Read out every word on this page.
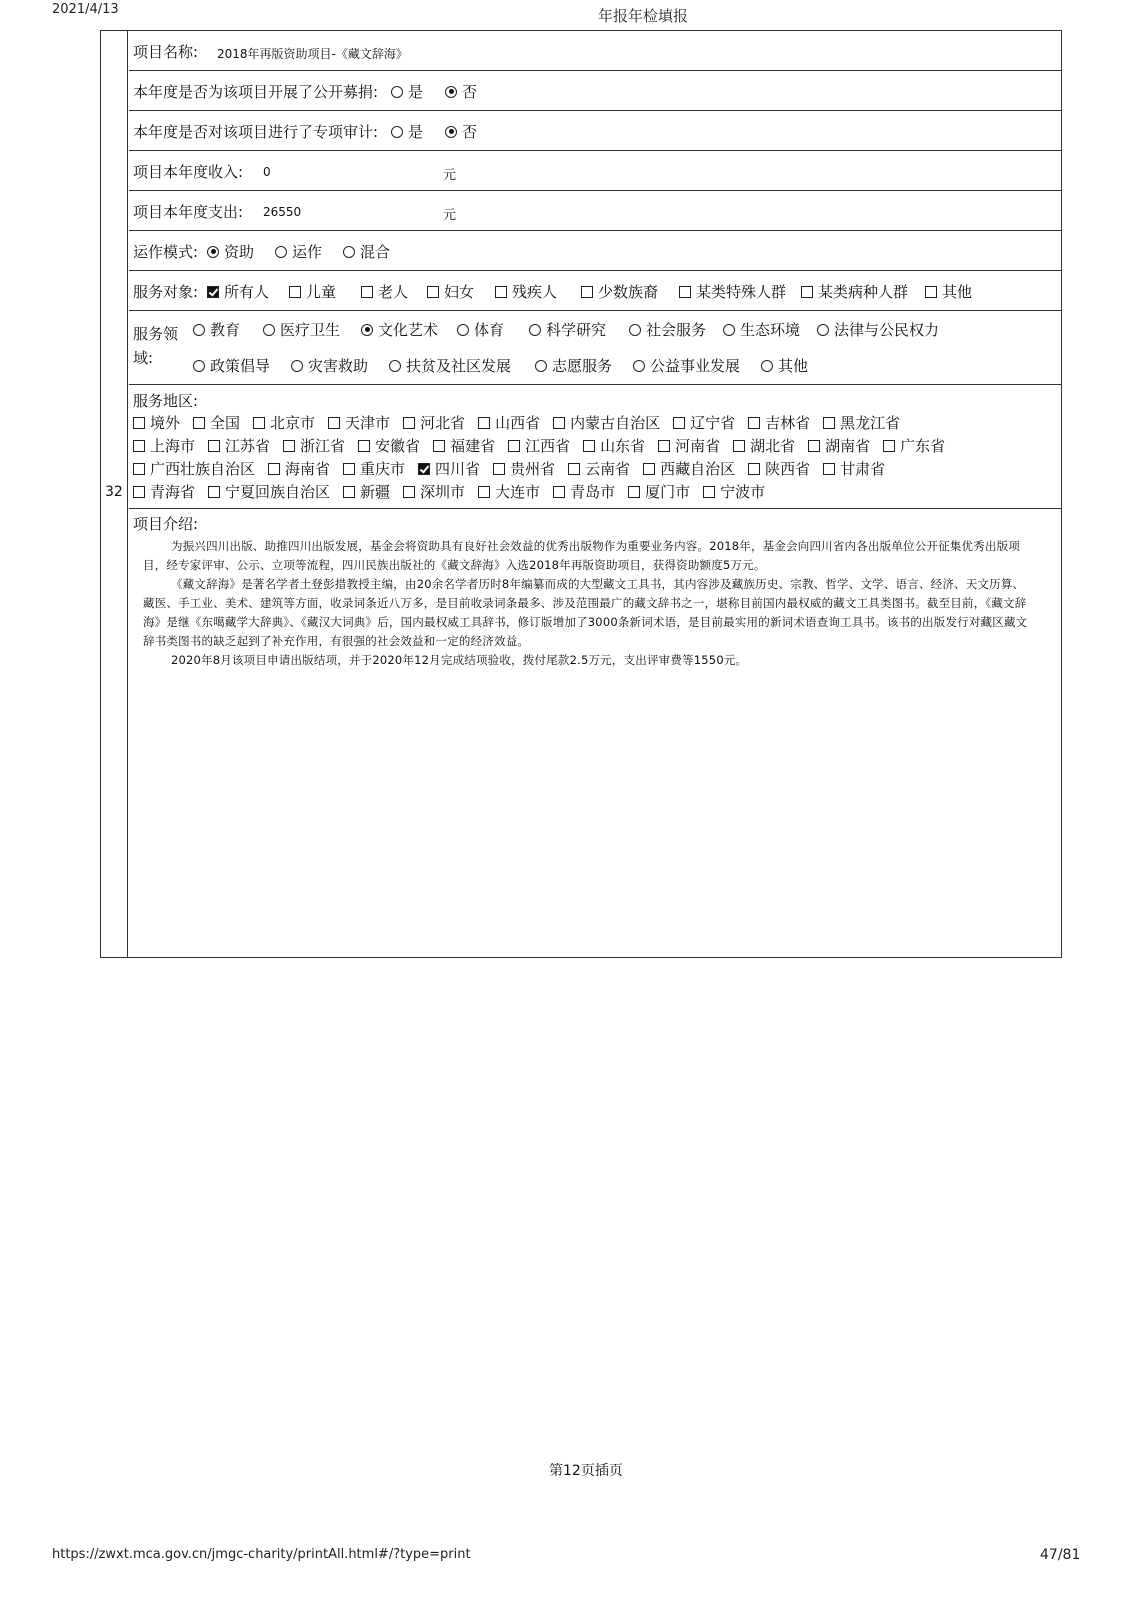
2021/4/13	年报年检填报
32
项目名称: 2018年再版资助项目-《藏文辞海》
本年度是否为该项目开展了公开募捐: 是	否
本年度是否对该项目进行了专项审计: 是	否
项目本年度收入: 0	元
项目本年度支出: 26550	元
运作模式: 资助	运作	混合
服务对象: 所有人 儿童	老人 妇女	残疾人	少数族裔	某类特殊人群 某类病种人群 其他
服务领
域:
教育	医疗卫生	文化艺术 体育	科学研究	社会服务 生态环境 法律与公民权力
政策倡导	灾害救助	扶贫及社区发展	志愿服务	公益事业发展	其他
服务地区:
境外 全国 北京市 天津市 河北省 山西省 内蒙古自治区 辽宁省 吉林省 黑龙江省
上海市 江苏省 浙江省 安徽省 福建省 江西省 山东省 河南省 湖北省 湖南省 广东省
广西壮族自治区 海南省 重庆市 四川省 贵州省 云南省 西藏自治区 陕西省 甘肃省
青海省 宁夏回族自治区 新疆 深圳市 大连市 青岛市 厦门市 宁波市
项目介绍:

为振兴四川出版、助推四川出版发展，基金会将资助具有良好社会效益的优秀出版物作为重要业务内容。2018年，基金会向四川省内各出版单位公开征集优秀出版项目，经专家评审、公示、立项等流程，四川民族出版社的《藏文辞海》入选2018年再版资助项目，获得资助额度5万元。

《藏文辞海》是著名学者土登彭措教授主编，由20余名学者历时8年编纂而成的大型藏文工具书，其内容涉及藏族历史、宗教、哲学、文学、语言、经济、天文历算、藏医、手工业、美术、建筑等方面，收录词条近八万多，是目前收录词条最多、涉及范围最广的藏文辞书之一，堪称目前国内最权威的藏文工具类图书。截至目前，《藏文辞海》是继《东噶藏学大辞典》、《藏汉大词典》后，国内最权威工具辞书，修订版增加了3000条新词术语，是目前最实用的新词术语查询工具书。该书的出版发行对藏区藏文辞书类图书的缺乏起到了补充作用，有很强的社会效益和一定的经济效益。

2020年8月该项目申请出版结项，并于2020年12月完成结项验收，拨付尾款2.5万元，支出评审费等1550元。

第12页插页
https://zwxt.mca.gov.cn/jmgc-charity/printAll.html#/?type=print	47/81
